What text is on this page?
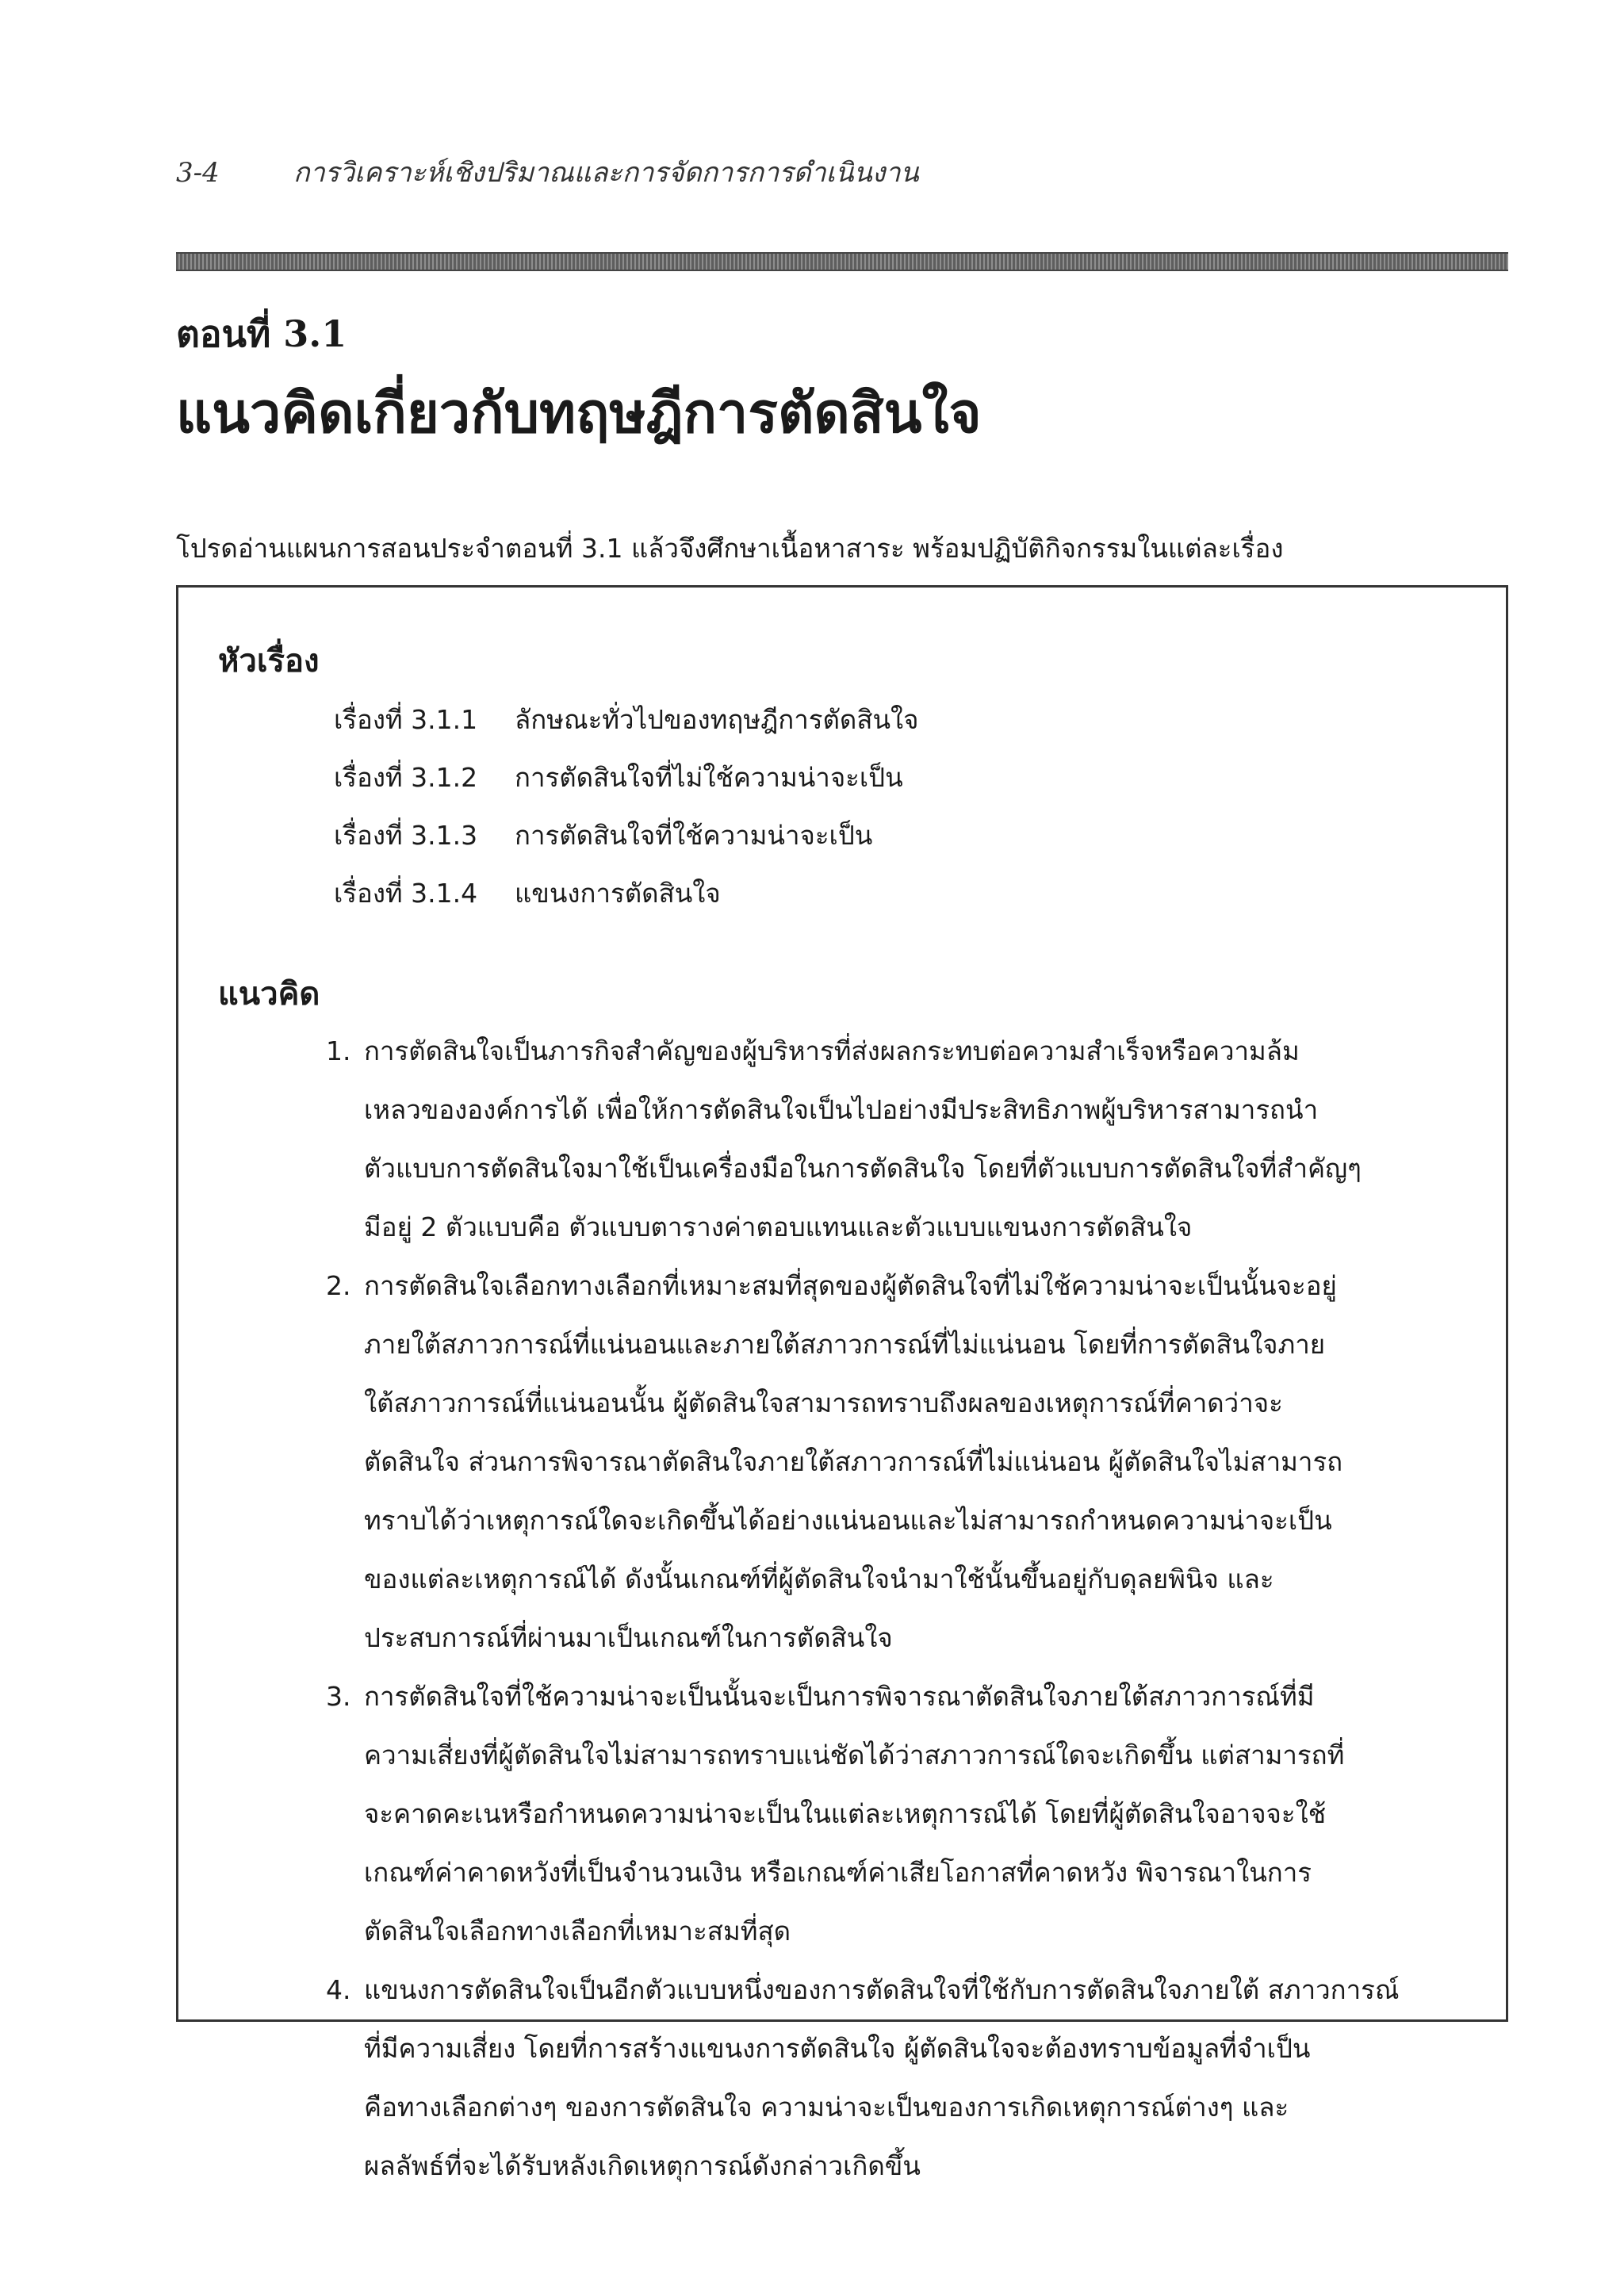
3-4	การวิเคราะห์เชิงปริมาณและการจัดการการดำเนินงาน
ตอนที่ 3.1
แนวคิดเกี่ยวกับทฤษฎีการตัดสินใจ
โปรดอ่านแผนการสอนประจำตอนที่ 3.1 แล้วจึงศึกษาเนื้อหาสาระ พร้อมปฏิบัติกิจกรรมในแต่ละเรื่อง
หัวเรื่อง
เรื่องที่ 3.1.1 ลักษณะทั่วไปของทฤษฎีการตัดสินใจ
เรื่องที่ 3.1.2 การตัดสินใจที่ไม่ใช้ความน่าจะเป็น
เรื่องที่ 3.1.3 การตัดสินใจที่ใช้ความน่าจะเป็น
เรื่องที่ 3.1.4 แขนงการตัดสินใจ
แนวคิด
1. การตัดสินใจเป็นภารกิจสำคัญของผู้บริหารที่ส่งผลกระทบต่อความสำเร็จหรือความล้ม
เหลวขององค์การได้ เพื่อให้การตัดสินใจเป็นไปอย่างมีประสิทธิภาพผู้บริหารสามารถนำ
ตัวแบบการตัดสินใจมาใช้เป็นเครื่องมือในการตัดสินใจ โดยที่ตัวแบบการตัดสินใจที่สำคัญๆ
มีอยู่ 2 ตัวแบบคือ ตัวแบบตารางค่าตอบแทนและตัวแบบแขนงการตัดสินใจ
2. การตัดสินใจเลือกทางเลือกที่เหมาะสมที่สุดของผู้ตัดสินใจที่ไม่ใช้ความน่าจะเป็นนั้นจะอยู่
ภายใต้สภาวการณ์ที่แน่นอนและภายใต้สภาวการณ์ที่ไม่แน่นอน โดยที่การตัดสินใจภาย
ใต้สภาวการณ์ที่แน่นอนนั้น ผู้ตัดสินใจสามารถทราบถึงผลของเหตุการณ์ที่คาดว่าจะ
ตัดสินใจ ส่วนการพิจารณาตัดสินใจภายใต้สภาวการณ์ที่ไม่แน่นอน ผู้ตัดสินใจไม่สามารถ
ทราบได้ว่าเหตุการณ์ใดจะเกิดขึ้นได้อย่างแน่นอนและไม่สามารถกำหนดความน่าจะเป็น
ของแต่ละเหตุการณ์ได้ ดังนั้นเกณฑ์ที่ผู้ตัดสินใจนำมาใช้นั้นขึ้นอยู่กับดุลยพินิจ และ
ประสบการณ์ที่ผ่านมาเป็นเกณฑ์ในการตัดสินใจ
3. การตัดสินใจที่ใช้ความน่าจะเป็นนั้นจะเป็นการพิจารณาตัดสินใจภายใต้สภาวการณ์ที่มี
ความเสี่ยงที่ผู้ตัดสินใจไม่สามารถทราบแน่ชัดได้ว่าสภาวการณ์ใดจะเกิดขึ้น แต่สามารถที่
จะคาดคะเนหรือกำหนดความน่าจะเป็นในแต่ละเหตุการณ์ได้ โดยที่ผู้ตัดสินใจอาจจะใช้
เกณฑ์ค่าคาดหวังที่เป็นจำนวนเงิน หรือเกณฑ์ค่าเสียโอกาสที่คาดหวัง พิจารณาในการ
ตัดสินใจเลือกทางเลือกที่เหมาะสมที่สุด
4. แขนงการตัดสินใจเป็นอีกตัวแบบหนึ่งของการตัดสินใจที่ใช้กับการตัดสินใจภายใต้ สภาวการณ์
ที่มีความเสี่ยง โดยที่การสร้างแขนงการตัดสินใจ ผู้ตัดสินใจจะต้องทราบข้อมูลที่จำเป็น
คือทางเลือกต่างๆ ของการตัดสินใจ ความน่าจะเป็นของการเกิดเหตุการณ์ต่างๆ และ
ผลลัพธ์ที่จะได้รับหลังเกิดเหตุการณ์ดังกล่าวเกิดขึ้น
